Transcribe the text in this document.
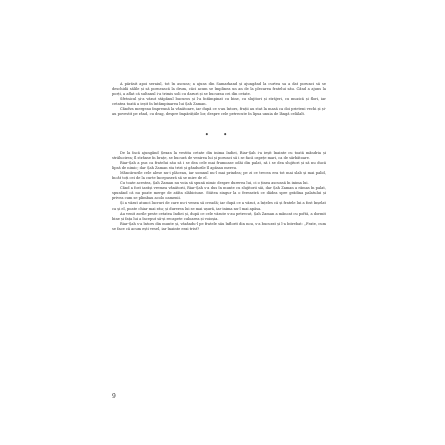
A părăsit apoi seraiul, tot în ascuns; a ajuns din Samarkand și ajungând la curtea sa a dat porunci să se deschidă sălile și să pornească la drum, căci acum se împlinea un an de la plecarea fratelui său. Când a ajuns la porți, a aflat că sultanul i-a trimis soli cu daruri și se bucurau cei din cetate.

Sfetnicul și-a văzut stăpânul bucuros și l-a întâmpinat cu bine, cu slujitori și străjeri, cu muzică și flori, iar cetatea toată a ieșit în întâmpinarea lui Șah Zaman.

Cândva mergeau împreună la vânătoare, iar după ce s-au întors, frații au stat la masă ca doi prieteni vechi și și-au povestit pe rând, cu drag, despre împărățiile lor, despre cele petrecute în lipsa unuia de lângă celălalt.

• •

De la încă ajungând Șexan la vestita cetate din inima Indiei, Riar-Șah i-a ieșit înainte cu toată mândria și strălucirea; îl strânse în brațe, se bucură de venirea lui și porunci să i se facă ospețe mari, ca de sărbătoare.

Riar-Șah a pus ca fratelui său să i se dea cele mai frumoase odăi din palat, să i se dea slujitori și să nu ducă lipsă de nimic; dar Șah Zaman sta trist și gândurile îl apăsau mereu.

Mâncărurile cele alese nu-i plăceau, iar somnul nu-l mai prindea; pe zi ce trecea era tot mai slab și mai palid, încât toți cei de la curte începuseră să se mire de el.

Cu toate acestea, Șah Zaman nu voia să spună nimic despre durerea lui, ci o ținea ascunsă în inima lui.

Când a fost iarăși vremea vânătorii, Riar-Șah s-a dus în munte cu slujitorii săi, dar Șah Zaman a rămas în palat, spunând că nu poate merge de atâta slăbiciune. Stătea singur la o fereastră ce dădea spre grădina palatului și privea cum se plimbau acolo oamenii.

Și a văzut atunci lucruri de care nu-i venea să creadă; iar după ce a văzut, a înțeles că și fratele lui a fost înșelat ca și el, poate chiar mai rău; și durerea lui se mai ușură, iar inima nu-l mai apăsa.

Au venit zorile peste cetatea Indiei și, după ce cele văzute s-au petrecut, Șah Zaman a mâncat cu poftă, a dormit bine și fața lui a început să-și recapete culoarea și voioșia.

Riar-Șah s-a întors din munte și, văzându-l pe fratele său înflorit din nou, s-a bucurat și l-a întrebat: „Frate, cum se face că acum ești vesel, iar înainte erai trist?

9
